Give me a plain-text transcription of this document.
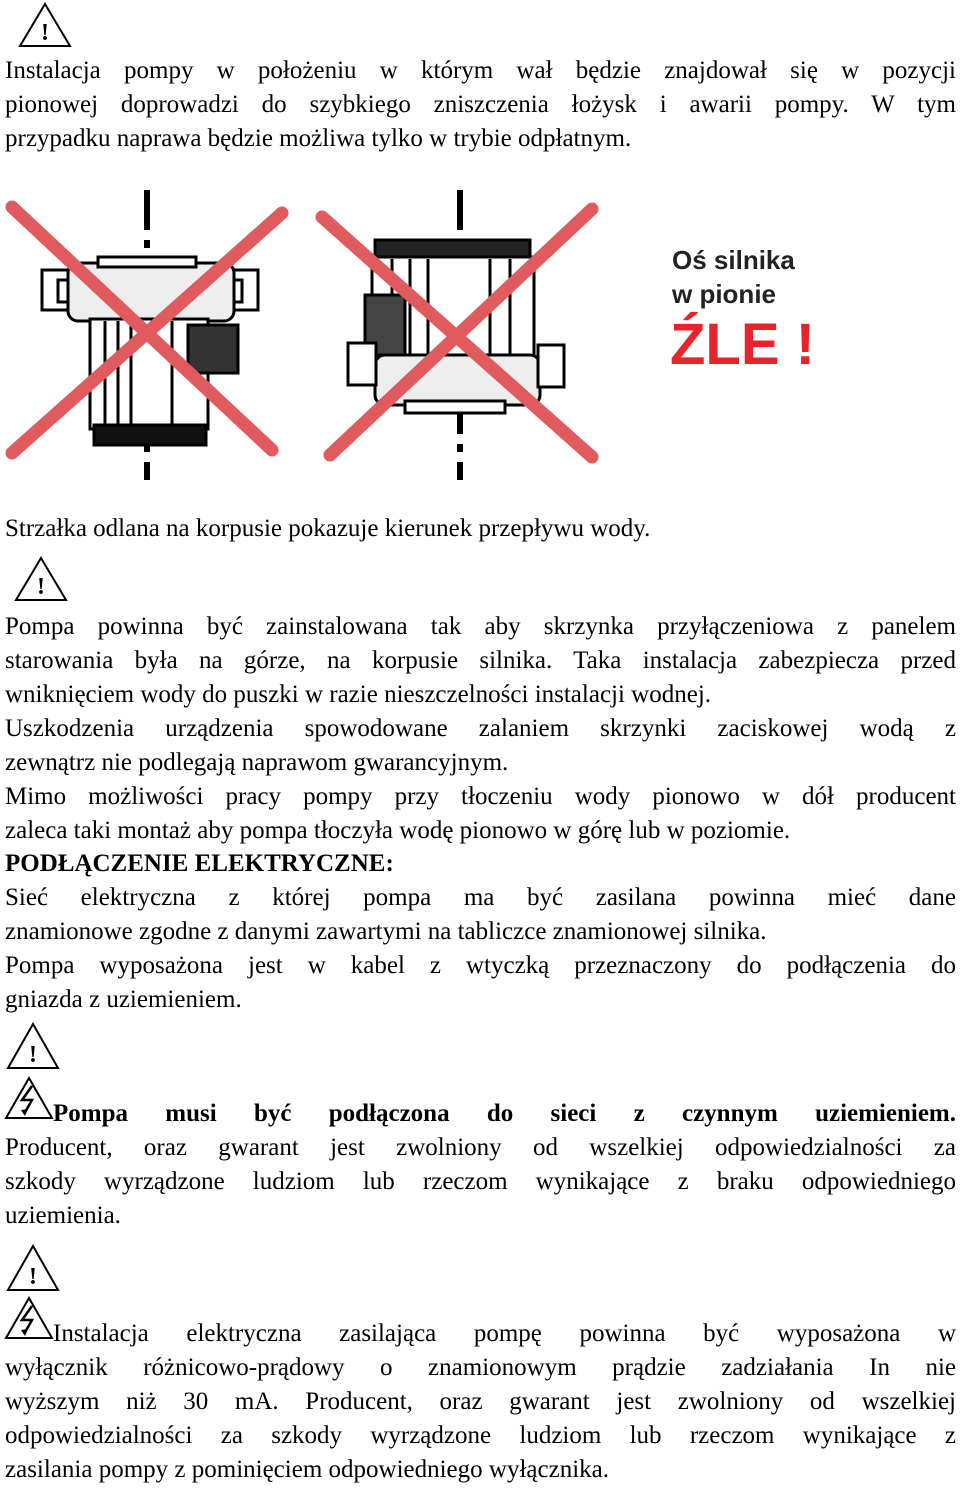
!
Instalacja pompy w położeniu w którym wał będzie znajdował się w pozycji
pionowej doprowadzi do szybkiego zniszczenia łożysk i awarii pompy. W tym
przypadku naprawa będzie możliwa tylko w trybie odpłatnym.
Oś silnika
w pionie
ŹLE !
Strzałka odlana na korpusie pokazuje kierunek przepływu wody.
!
Pompa powinna być zainstalowana tak aby skrzynka przyłączeniowa z panelem
starowania była na górze, na korpusie silnika. Taka instalacja zabezpiecza przed
wniknięciem wody do puszki w razie nieszczelności instalacji wodnej.
Uszkodzenia urządzenia spowodowane zalaniem skrzynki zaciskowej wodą z
zewnątrz nie podlegają naprawom gwarancyjnym.
Mimo możliwości pracy pompy przy tłoczeniu wody pionowo w dół producent
zaleca taki montaż aby pompa tłoczyła wodę pionowo w górę lub w poziomie.
PODŁĄCZENIE ELEKTRYCZNE:
Sieć elektryczna z której pompa ma być zasilana powinna mieć dane
znamionowe zgodne z danymi zawartymi na tabliczce znamionowej silnika.
Pompa wyposażona jest w kabel z wtyczką przeznaczony do podłączenia do
gniazda z uziemieniem.
!
Pompa musi być podłączona do sieci z czynnym uziemieniem.
Producent, oraz gwarant jest zwolniony od wszelkiej odpowiedzialności za
szkody wyrządzone ludziom lub rzeczom wynikające z braku odpowiedniego
uziemienia.
!
Instalacja elektryczna zasilająca pompę powinna być wyposażona w
wyłącznik różnicowo-prądowy o znamionowym prądzie zadziałania In nie
wyższym niż 30 mA. Producent, oraz gwarant jest zwolniony od wszelkiej
odpowiedzialności za szkody wyrządzone ludziom lub rzeczom wynikające z
zasilania pompy z pominięciem odpowiedniego wyłącznika.
